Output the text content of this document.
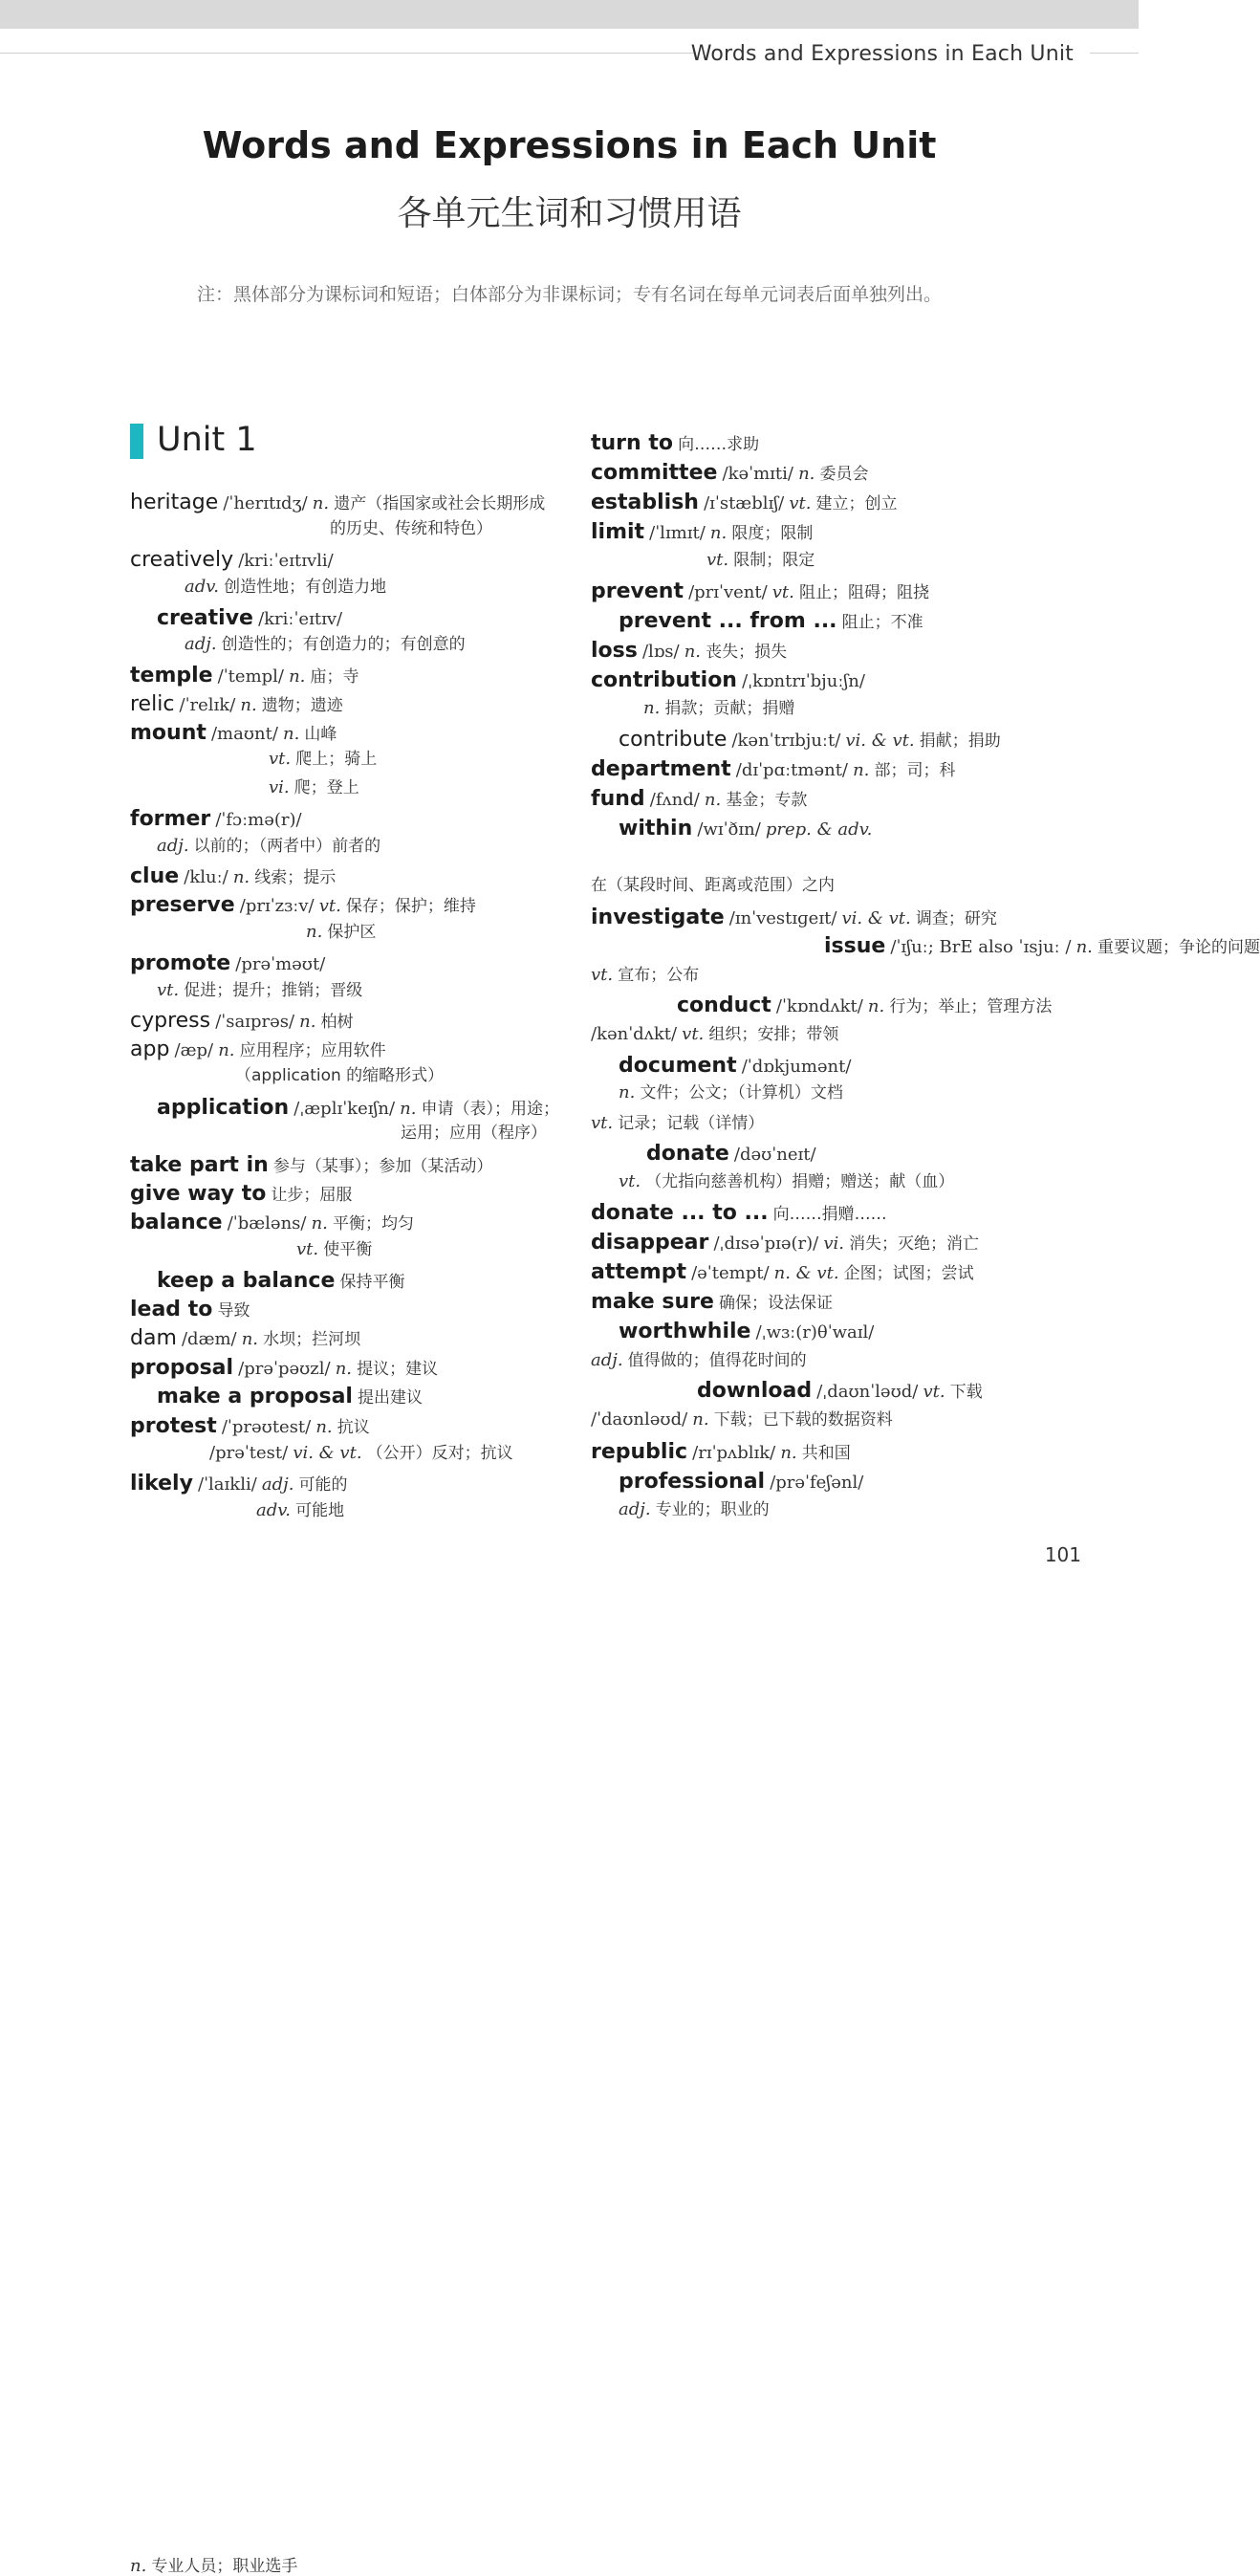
Words and Expressions in Each Unit
Words and Expressions in Each Unit
各单元生词和习惯用语
注：黑体部分为课标词和短语；白体部分为非课标词；专有名词在每单元词表后面单独列出。
Unit 1
heritage /ˈherɪtɪdʒ/ n. 遗产（指国家或社会长期形成
的历史、传统和特色）
creatively /kriːˈeɪtɪvli/
adv. 创造性地；有创造力地
creative /kriːˈeɪtɪv/
adj. 创造性的；有创造力的；有创意的
temple /ˈtempl/ n. 庙；寺
relic /ˈrelɪk/ n. 遗物；遗迹
mount /maʊnt/ n. 山峰
vt. 爬上；骑上
vi. 爬；登上
former /ˈfɔːmə(r)/
adj. 以前的；（两者中）前者的
clue /kluː/ n. 线索；提示
preserve /prɪˈzɜːv/ vt. 保存；保护；维持
n. 保护区
promote /prəˈməʊt/
vt. 促进；提升；推销；晋级
cypress /ˈsaɪprəs/ n. 柏树
app /æp/ n. 应用程序；应用软件
（application 的缩略形式）
application /ˌæplɪˈkeɪʃn/ n. 申请（表）；用途；
运用；应用（程序）
take part in 参与（某事）；参加（某活动）
give way to 让步；屈服
balance /ˈbæləns/ n. 平衡；均匀
vt. 使平衡
keep a balance 保持平衡
lead to 导致
dam /dæm/ n. 水坝；拦河坝
proposal /prəˈpəʊzl/ n. 提议；建议
make a proposal 提出建议
protest /ˈprəʊtest/ n. 抗议
/prəˈtest/ vi. & vt. （公开）反对；抗议
likely /ˈlaɪkli/ adj. 可能的
adv. 可能地
turn to 向……求助
committee /kəˈmɪti/ n. 委员会
establish /ɪˈstæblɪʃ/ vt. 建立；创立
limit /ˈlɪmɪt/ n. 限度；限制
vt. 限制；限定
prevent /prɪˈvent/ vt. 阻止；阻碍；阻挠
prevent ... from ... 阻止；不准
loss /lɒs/ n. 丧失；损失
contribution /ˌkɒntrɪˈbjuːʃn/
n. 捐款；贡献；捐赠
contribute /kənˈtrɪbjuːt/ vi. & vt. 捐献；捐助
department /dɪˈpɑːtmənt/ n. 部；司；科
fund /fʌnd/ n. 基金；专款
within /wɪˈðɪn/ prep. & adv.
在（某段时间、距离或范围）之内
investigate /ɪnˈvestɪɡeɪt/ vi. & vt. 调查；研究
issue /ˈɪʃuː; BrE also ˈɪsjuː / n. 重要议题；争论的问题
vt. 宣布；公布
conduct /ˈkɒndʌkt/ n. 行为；举止；管理方法
/kənˈdʌkt/ vt. 组织；安排；带领
document /ˈdɒkjumənt/
n. 文件；公文；（计算机）文档
vt. 记录；记载（详情）
donate /dəʊˈneɪt/
vt. （尤指向慈善机构）捐赠；赠送；献（血）
donate ... to ... 向……捐赠……
disappear /ˌdɪsəˈpɪə(r)/ vi. 消失；灭绝；消亡
attempt /əˈtempt/ n. & vt. 企图；试图；尝试
make sure 确保；设法保证
worthwhile /ˌwɜː(r)θˈwaɪl/
adj. 值得做的；值得花时间的
download /ˌdaʊnˈləʊd/ vt. 下载
/ˈdaʊnləʊd/ n. 下载；已下载的数据资料
republic /rɪˈpʌblɪk/ n. 共和国
professional /prəˈfeʃənl/
adj. 专业的；职业的
n. 专业人员；职业选手
101
